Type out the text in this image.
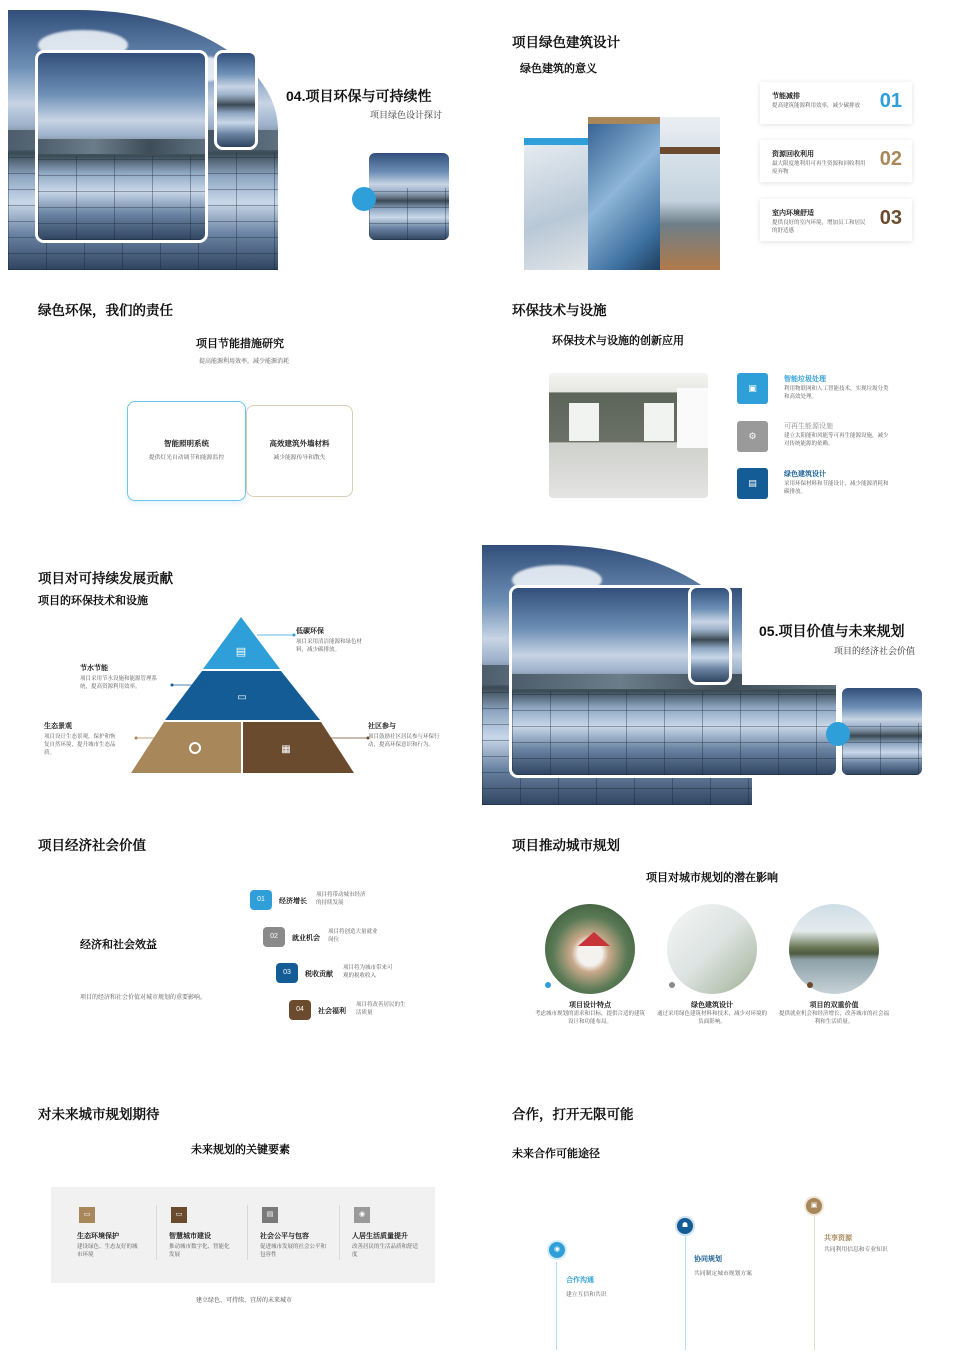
04.项目环保与可持续性
项目绿色设计探讨
项目绿色建筑设计
绿色建筑的意义
节能减排
提高建筑能源利用效率，减少碳排放 01
资源回收利用
最大限度地利用可再生资源和回收利用废弃物
02
室内环境舒适
提供良好的室内环境，增加员工和居民的舒适感
03
绿色环保，我们的责任
项目节能措施研究
提高能源利用效率，减少能源消耗
智能照明系统
提供灯光自动调节和能源监控
高效建筑外墙材料
减少能源传导和散失
环保技术与设施
环保技术与设施的创新应用
▣
智能垃圾处理
利用物联网和人工智能技术，实现垃圾分类和高效处理。
⚙
可再生能源设施
建立太阳能和风能等可再生能源设施，减少对传统能源的依赖。
▤
绿色建筑设计
采用环保材料和节能设计，减少能源消耗和碳排放。
项目对可持续发展贡献
项目的环保技术和设施
▤
▭
▦
低碳环保
项目采用清洁能源和绿色材料，减少碳排放。
节水节能
项目采用节水设施和能源管理系统，提高资源利用效率。
生态景观
项目设计生态景观，保护和恢复自然环境，提升城市生态品质。
社区参与
项目鼓励社区居民参与环保行动，提高环保意识和行为。
05.项目价值与未来规划
项目的经济社会价值
项目经济社会价值
经济和社会效益
项目的经济和社会价值对城市规划的重要影响。
01	经济增长
项目将带动城市经济的持续发展
02	就业机会
项目将创造大量就业岗位
03	税收贡献
项目将为城市带来可观的税收收入
04	社会福利
项目将改善居民的生活质量
项目推动城市规划
项目对城市规划的潜在影响
项目设计特点
考虑城市规划的需求和目标，提供合适的建筑设计和功能布局。
绿色建筑设计
通过采用绿色建筑材料和技术，减少对环境的负面影响。
项目的双重价值
提供就业机会和经济增长，改善城市的社会福利和生活质量。
对未来城市规划期待
未来规划的关键要素
▭
生态环境保护
建设绿色、生态友好的城市环境
▭
智慧城市建设
推动城市数字化、智能化发展
▤
社会公平与包容
促进城市发展的社会公平和包容性
◉
人居生活质量提升
改善居民的生活品质和舒适度
建立绿色、可持续、宜居的未来城市
合作，打开无限可能
未来合作可能途径
◉
☗
▣
合作沟通
建立互信和共识
协同规划
共同制定城市规划方案
共享资源
共同利用信息和专业知识
